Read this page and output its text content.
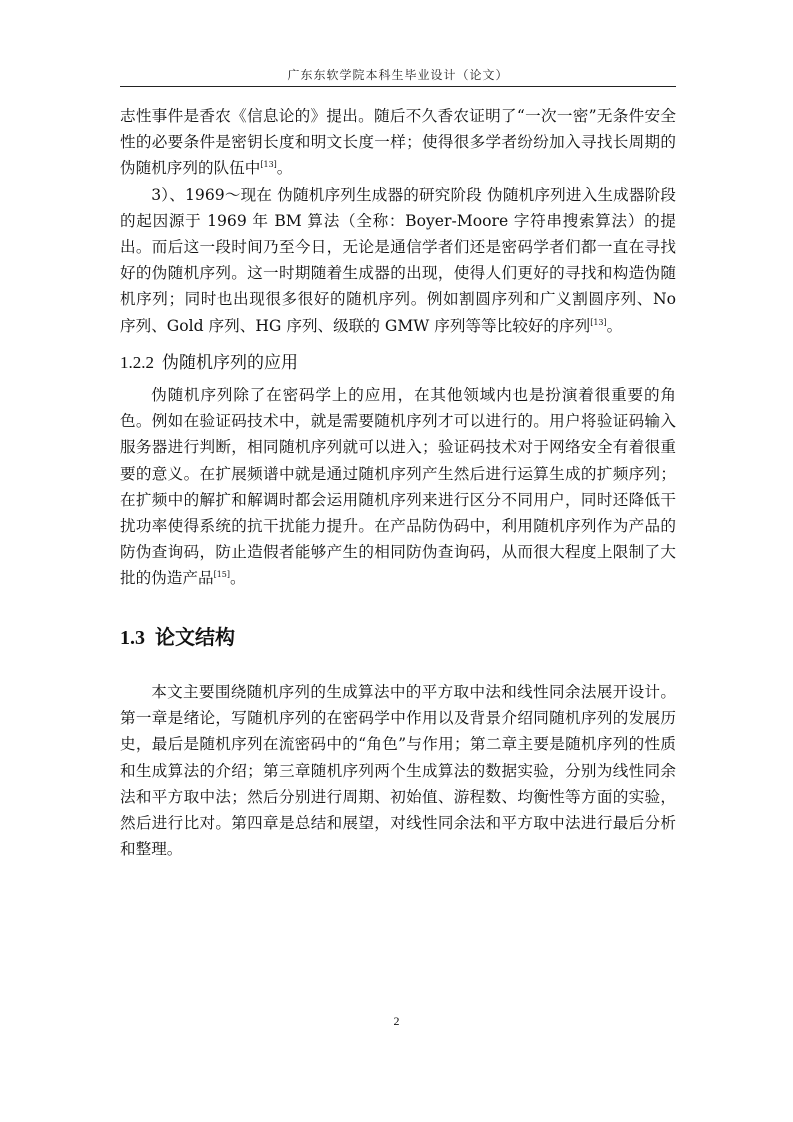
广东东软学院本科生毕业设计（论文）

志性事件是香农《信息论的》提出。随后不久香农证明了“一次一密”无条件安全性的必要条件是密钥长度和明文长度一样；使得很多学者纷纷加入寻找长周期的伪随机序列的队伍中[13]。

3）、1969～现在 伪随机序列生成器的研究阶段 伪随机序列进入生成器阶段的起因源于 1969 年 BM 算法（全称：Boyer-Moore 字符串搜索算法）的提出。而后这一段时间乃至今日，无论是通信学者们还是密码学者们都一直在寻找好的伪随机序列。这一时期随着生成器的出现，使得人们更好的寻找和构造伪随机序列；同时也出现很多很好的随机序列。例如割圆序列和广义割圆序列、No 序列、Gold 序列、HG 序列、级联的 GMW 序列等等比较好的序列[13]。

1.2.2 伪随机序列的应用

伪随机序列除了在密码学上的应用，在其他领域内也是扮演着很重要的角色。例如在验证码技术中，就是需要随机序列才可以进行的。用户将验证码输入服务器进行判断，相同随机序列就可以进入；验证码技术对于网络安全有着很重要的意义。在扩展频谱中就是通过随机序列产生然后进行运算生成的扩频序列；在扩频中的解扩和解调时都会运用随机序列来进行区分不同用户，同时还降低干扰功率使得系统的抗干扰能力提升。在产品防伪码中，利用随机序列作为产品的防伪查询码，防止造假者能够产生的相同防伪查询码，从而很大程度上限制了大批的伪造产品[15]。

1.3 论文结构

本文主要围绕随机序列的生成算法中的平方取中法和线性同余法展开设计。第一章是绪论，写随机序列的在密码学中作用以及背景介绍同随机序列的发展历史，最后是随机序列在流密码中的“角色”与作用；第二章主要是随机序列的性质和生成算法的介绍；第三章随机序列两个生成算法的数据实验，分别为线性同余法和平方取中法；然后分别进行周期、初始值、游程数、均衡性等方面的实验，然后进行比对。第四章是总结和展望，对线性同余法和平方取中法进行最后分析和整理。

2
